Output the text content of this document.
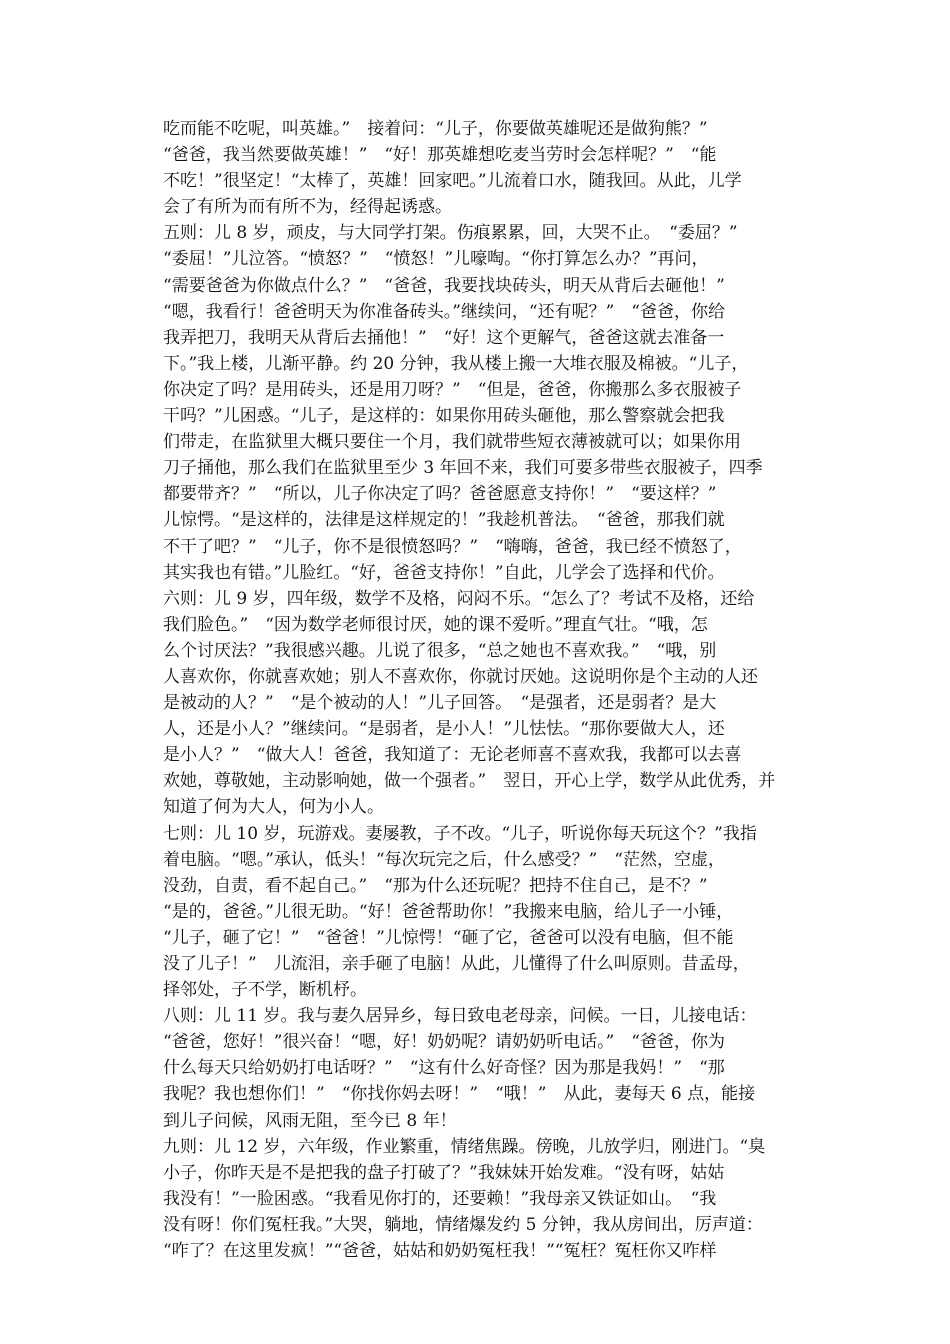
吃而能不吃呢，叫英雄。”　接着问：“儿子，你要做英雄呢还是做狗熊？”
“爸爸，我当然要做英雄！”　“好！那英雄想吃麦当劳时会怎样呢？”　“能
不吃！”很坚定！“太棒了，英雄！回家吧。”儿流着口水，随我回。从此，儿学
会了有所为而有所不为，经得起诱惑。
五则：儿 8 岁，顽皮，与大同学打架。伤痕累累，回，大哭不止。　“委屈？”
“委屈！”儿泣答。“愤怒？”　“愤怒！”儿嚎啕。“你打算怎么办？”再问，
“需要爸爸为你做点什么？”　“爸爸，我要找块砖头，明天从背后去砸他！”
“嗯，我看行！爸爸明天为你准备砖头。”继续问，“还有呢？”　“爸爸，你给
我弄把刀，我明天从背后去捅他！”　“好！这个更解气，爸爸这就去准备一
下。”我上楼，儿渐平静。约 20 分钟，我从楼上搬一大堆衣服及棉被。“儿子，
你决定了吗？是用砖头，还是用刀呀？”　“但是，爸爸，你搬那么多衣服被子
干吗？”儿困惑。“儿子，是这样的：如果你用砖头砸他，那么警察就会把我
们带走，在监狱里大概只要住一个月，我们就带些短衣薄被就可以；如果你用
刀子捅他，那么我们在监狱里至少 3 年回不来，我们可要多带些衣服被子，四季
都要带齐？”　“所以，儿子你决定了吗？爸爸愿意支持你！”　“要这样？”
儿惊愕。“是这样的，法律是这样规定的！”我趁机普法。　“爸爸，那我们就
不干了吧？”　“儿子，你不是很愤怒吗？”　“嗨嗨，爸爸，我已经不愤怒了，
其实我也有错。”儿脸红。“好，爸爸支持你！”自此，儿学会了选择和代价。
六则：儿 9 岁，四年级，数学不及格，闷闷不乐。“怎么了？考试不及格，还给
我们脸色。”　“因为数学老师很讨厌，她的课不爱听。”理直气壮。“哦，怎
么个讨厌法？”我很感兴趣。儿说了很多，“总之她也不喜欢我。”　“哦，别
人喜欢你，你就喜欢她；别人不喜欢你，你就讨厌她。这说明你是个主动的人还
是被动的人？”　“是个被动的人！”儿子回答。　“是强者，还是弱者？是大
人，还是小人？”继续问。“是弱者，是小人！”儿怯怯。“那你要做大人，还
是小人？”　“做大人！爸爸，我知道了：无论老师喜不喜欢我，我都可以去喜
欢她，尊敬她，主动影响她，做一个强者。”　翌日，开心上学，数学从此优秀，并
知道了何为大人，何为小人。
七则：儿 10 岁，玩游戏。妻屡教，子不改。“儿子，听说你每天玩这个？”我指
着电脑。“嗯。”承认，低头！“每次玩完之后，什么感受？”　“茫然，空虚，
没劲，自责，看不起自己。”　“那为什么还玩呢？把持不住自己，是不？”
“是的，爸爸。”儿很无助。“好！爸爸帮助你！”我搬来电脑，给儿子一小锤，
“儿子，砸了它！”　“爸爸！”儿惊愕！“砸了它，爸爸可以没有电脑，但不能
没了儿子！”　儿流泪，亲手砸了电脑！从此，儿懂得了什么叫原则。昔孟母，
择邻处，子不学，断机杼。
八则：儿 11 岁。我与妻久居异乡，每日致电老母亲，问候。一日，儿接电话：
“爸爸，您好！”很兴奋！“嗯，好！奶奶呢？请奶奶听电话。”　“爸爸，你为
什么每天只给奶奶打电话呀？”　“这有什么好奇怪？因为那是我妈！”　“那
我呢？我也想你们！”　“你找你妈去呀！”　“哦！”　从此，妻每天 6 点，能接
到儿子问候，风雨无阻，至今已 8 年！
九则：儿 12 岁，六年级，作业繁重，情绪焦躁。傍晚，儿放学归，刚进门。“臭
小子，你昨天是不是把我的盘子打破了？”我妹妹开始发难。“没有呀，姑姑
我没有！”一脸困惑。“我看见你打的，还要赖！”我母亲又铁证如山。　“我
没有呀！你们冤枉我。”大哭，躺地，情绪爆发约 5 分钟，我从房间出，厉声道：
“咋了？在这里发疯！”“爸爸，姑姑和奶奶冤枉我！”“冤枉？冤枉你又咋样
